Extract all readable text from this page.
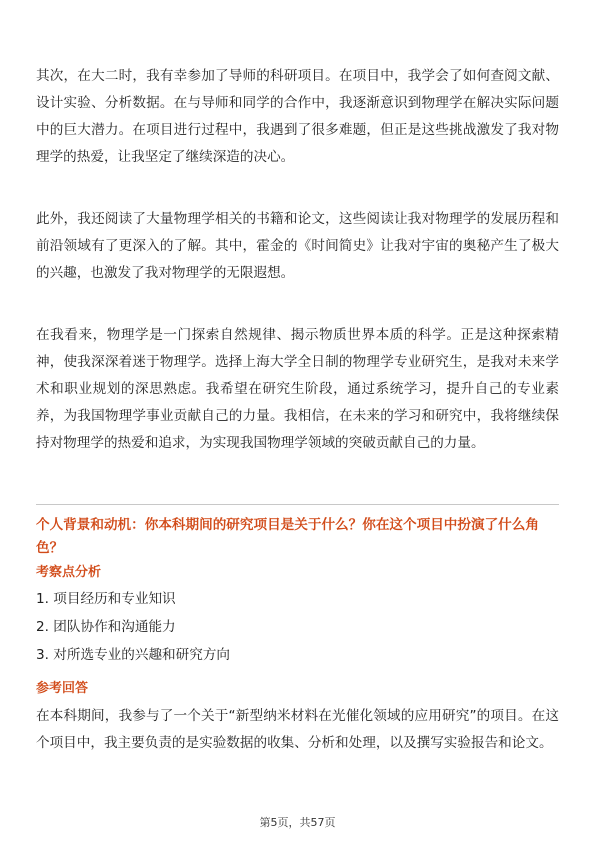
其次，在大二时，我有幸参加了导师的科研项目。在项目中，我学会了如何查阅文献、设计实验、分析数据。在与导师和同学的合作中，我逐渐意识到物理学在解决实际问题中的巨大潜力。在项目进行过程中，我遇到了很多难题，但正是这些挑战激发了我对物理学的热爱，让我坚定了继续深造的决心。

此外，我还阅读了大量物理学相关的书籍和论文，这些阅读让我对物理学的发展历程和前沿领域有了更深入的了解。其中，霍金的《时间简史》让我对宇宙的奥秘产生了极大的兴趣，也激发了我对物理学的无限遐想。

在我看来，物理学是一门探索自然规律、揭示物质世界本质的科学。正是这种探索精神，使我深深着迷于物理学。选择上海大学全日制的物理学专业研究生，是我对未来学术和职业规划的深思熟虑。我希望在研究生阶段，通过系统学习，提升自己的专业素养，为我国物理学事业贡献自己的力量。我相信，在未来的学习和研究中，我将继续保持对物理学的热爱和追求，为实现我国物理学领域的突破贡献自己的力量。

个人背景和动机：你本科期间的研究项目是关于什么？你在这个项目中扮演了什么角色？

考察点分析

1. 项目经历和专业知识

2. 团队协作和沟通能力

3. 对所选专业的兴趣和研究方向

参考回答

在本科期间，我参与了一个关于“新型纳米材料在光催化领域的应用研究”的项目。在这个项目中，我主要负责的是实验数据的收集、分析和处理，以及撰写实验报告和论文。

第5页，共57页
